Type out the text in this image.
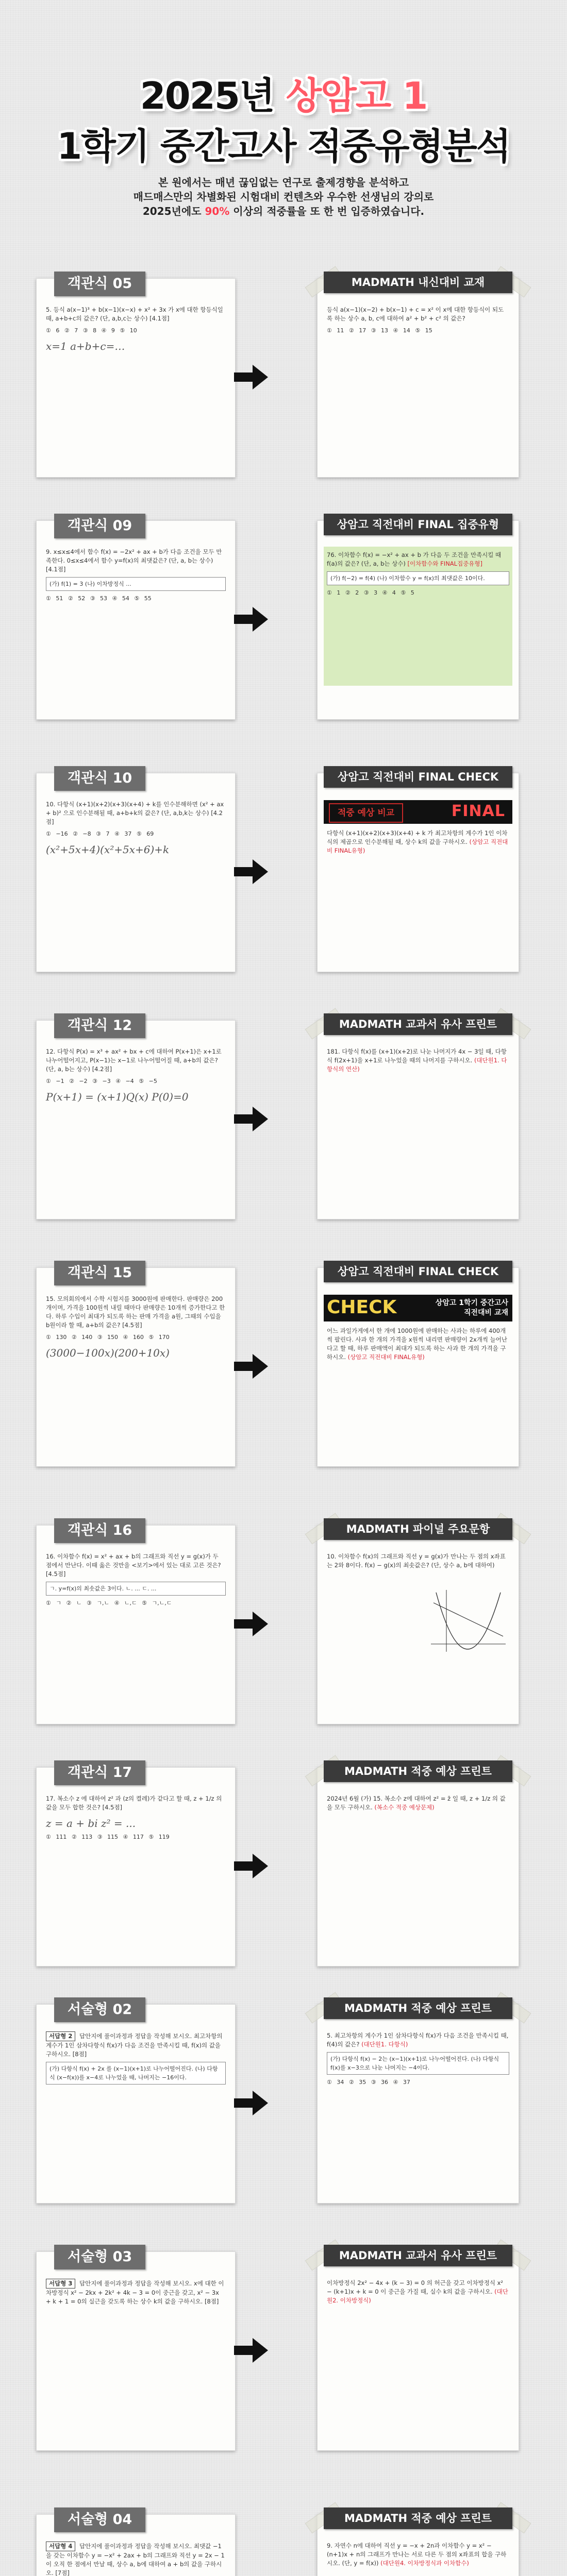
2025년 상암고 1
1학기 중간고사 적중유형분석
본 원에서는 매년 끊임없는 연구로 출제경향을 분석하고
매드매스만의 차별화된 시험대비 컨텐츠와 우수한 선생님의 강의로
2025년에도 90% 이상의 적중률을 또 한 번 입증하였습니다.
객관식 05
5. 등식 a(x−1)³ + b(x−1)(x−x) + x² + 3x 가 x에 대한 항등식일 때, a+b+c의 값은? (단, a,b,c는 상수) [4.1점]
① 6 ② 7 ③ 8 ④ 9 ⑤ 10
x=1 a+b+c=…
MADMATH 내신대비 교재
등식 a(x−1)(x−2) + b(x−1) + c = x² 이 x에 대한 항등식이 되도록 하는 상수 a, b, c에 대하여 a² + b² + c² 의 값은?
① 11 ② 17 ③ 13 ④ 14 ⑤ 15
객관식 09
9. x≤x≤4에서 함수 f(x) = −2x² + ax + b가 다음 조건을 모두 만족한다. 0≤x≤4에서 함수 y=f(x)의 최댓값은? (단, a, b는 상수) [4.1점]
(가) f(1) = 3 (나) 이차방정식 ...
① 51 ② 52 ③ 53 ④ 54 ⑤ 55
상암고 직전대비 FINAL 집중유형
76. 이차함수 f(x) = −x² + ax + b 가 다음 두 조건을 만족시킬 때 f(a)의 값은? (단, a, b는 상수) [이차함수와 FINAL집중유형]
(가) f(−2) = f(4) (나) 이차함수 y = f(x)의 최댓값은 10이다.
① 1 ② 2 ③ 3 ④ 4 ⑤ 5
객관식 10
10. 다항식 (x+1)(x+2)(x+3)(x+4) + k를 인수분해하면 (x² + ax + b)² 으로 인수분해될 때, a+b+k의 값은? (단, a,b,k는 상수) [4.2점]
① −16 ② −8 ③ 7 ④ 37 ⑤ 69
(x²+5x+4)(x²+5x+6)+k
상암고 직전대비 FINAL CHECK
적중 예상 비교	FINAL
다항식 (x+1)(x+2)(x+3)(x+4) + k 가 최고차항의 계수가 1인 이차식의 제곱으로 인수분해될 때, 상수 k의 값을 구하시오. (상암고 직전대비 FINAL유형)
객관식 12
12. 다항식 P(x) = x³ + ax² + bx + c에 대하여 P(x+1)은 x+1로 나누어떨어지고, P(x−1)는 x−1로 나누어떨어질 때, a+b의 값은? (단, a, b는 상수) [4.2점]
① −1 ② −2 ③ −3 ④ −4 ⑤ −5
P(x+1) = (x+1)Q(x) P(0)=0
MADMATH 교과서 유사 프린트
181. 다항식 f(x)를 (x+1)(x+2)로 나눈 나머지가 4x − 3일 때, 다항식 f(2x+1)을 x+1로 나누었을 때의 나머지를 구하시오. (대단원1. 다항식의 연산)
객관식 15
15. 모의회의에서 수학 시험지를 3000원에 판매한다. 판매량은 200개이며, 가격을 100원씩 내릴 때마다 판매량은 10개씩 증가한다고 한다. 하루 수입이 최대가 되도록 하는 판매 가격을 a원, 그때의 수입을 b원이라 할 때, a+b의 값은? [4.5점]
① 130 ② 140 ③ 150 ④ 160 ⑤ 170
(3000−100x)(200+10x)
상암고 직전대비 FINAL CHECK
CHECK	상암고 1학기 중간고사
직전대비 교재
어느 과일가게에서 한 개에 1000원에 판매하는 사과는 하루에 400개씩 팔린다. 사과 한 개의 가격을 x원씩 내리면 판매량이 2x개씩 늘어난다고 할 때, 하루 판매액이 최대가 되도록 하는 사과 한 개의 가격을 구하시오. (상암고 직전대비 FINAL유형)
객관식 16
16. 이차함수 f(x) = x² + ax + b의 그래프와 직선 y = g(x)가 두 점에서 만난다. 이때 옳은 것만을 <보기>에서 있는 대로 고른 것은? [4.5점]
ㄱ. y=f(x)의 최솟값은 3이다. ㄴ. ... ㄷ. ...
① ㄱ ② ㄴ ③ ㄱ,ㄴ ④ ㄴ,ㄷ ⑤ ㄱ,ㄴ,ㄷ
MADMATH 파이널 주요문항
10. 이차함수 f(x)의 그래프와 직선 y = g(x)가 만나는 두 점의 x좌표는 2와 8이다. f(x) − g(x)의 최솟값은? (단, 상수 a, b에 대하여)
객관식 17
17. 복소수 z 에 대하여 z² 과 (z의 켤레)가 같다고 할 때, z + 1/z 의 값을 모두 합한 것은? [4.5점]
z = a + bi z² = ...
① 111 ② 113 ③ 115 ④ 117 ⑤ 119
MADMATH 적중 예상 프린트
2024년 6월 (가) 15. 복소수 z에 대하여 z² = z̄ 일 때, z + 1/z 의 값을 모두 구하시오. (복소수 적중 예상문제)
서술형 02
서답형 2 답안지에 풀이과정과 정답을 작성해 보시오. 최고차항의 계수가 1인 삼차다항식 f(x)가 다음 조건을 만족시킬 때, f(x)의 값을 구하시오. [8점]
(가) 다항식 f(x) + 2x 를 (x−1)(x+1)로 나누어떨어진다. (나) 다항식 (x−f(x))를 x−4로 나누었을 때, 나머지는 −16이다.
MADMATH 적중 예상 프린트
5. 최고차항의 계수가 1인 삼차다항식 f(x)가 다음 조건을 만족시킬 때, f(4)의 값은? (대단원1. 다항식)
(가) 다항식 f(x) − 2는 (x−1)(x+1)로 나누어떨어진다. (나) 다항식 f(x)를 x−3으로 나눈 나머지는 −4이다.
① 34 ② 35 ③ 36 ④ 37
서술형 03
서답형 3 답안지에 풀이과정과 정답을 작성해 보시오. x에 대한 이차방정식 x² − 2kx + 2k² + 4k − 3 = 0이 중근을 갖고, x² − 3x + k + 1 = 0의 실근을 갖도록 하는 상수 k의 값을 구하시오. [8점]
MADMATH 교과서 유사 프린트
이차방정식 2x² − 4x + (k − 3) = 0 의 허근을 갖고 이차방정식 x² − (k+1)x + k = 0 이 중근을 가질 때, 실수 k의 값을 구하시오. (대단원2. 이차방정식)
서술형 04
서답형 4 답안지에 풀이과정과 정답을 작성해 보시오. 최댓값 −1을 갖는 이차함수 y = −x² + 2ax + b의 그래프와 직선 y = 2x − 1이 오직 한 점에서 만날 때, 상수 a, b에 대하여 a + b의 값을 구하시오. [7점]
MADMATH 적중 예상 프린트
9. 자연수 n에 대하여 직선 y = −x + 2n과 이차함수 y = x² − (n+1)x + n의 그래프가 만나는 서로 다른 두 점의 x좌표의 합을 구하시오. (단, y = f(x)) (대단원4. 이차방정식과 이차함수)
